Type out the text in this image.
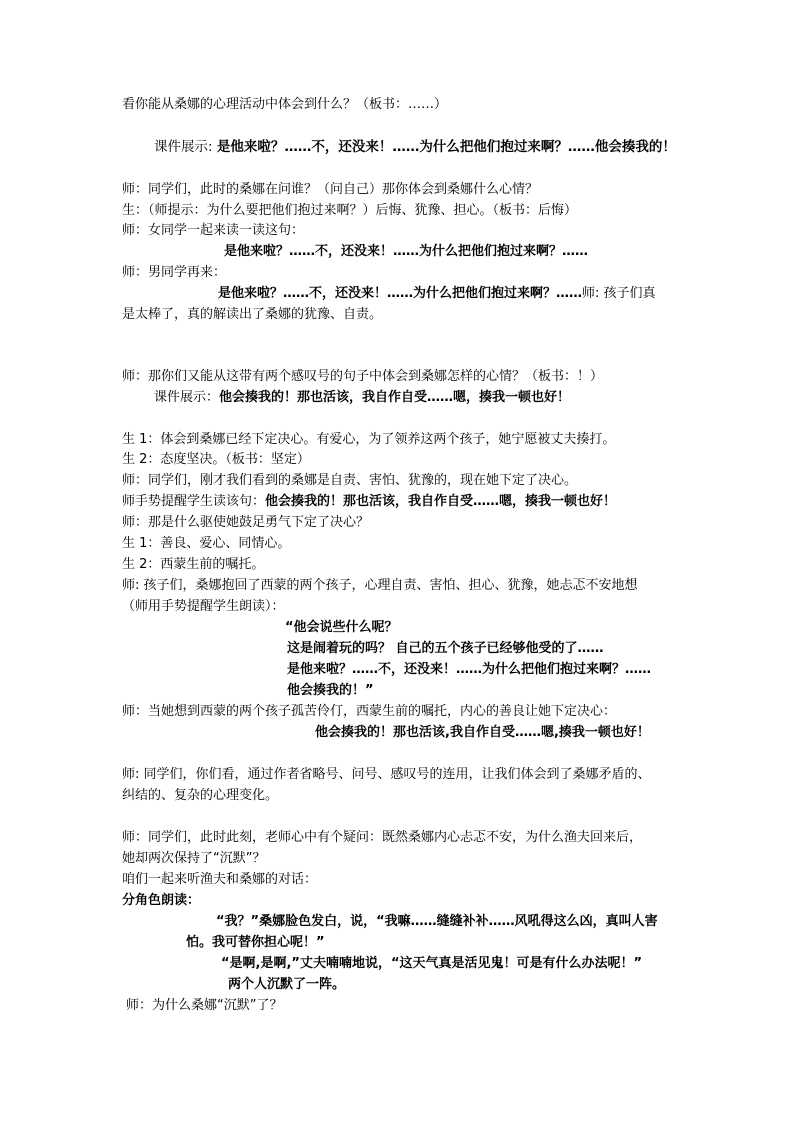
看你能从桑娜的心理活动中体会到什么？（板书：……）
课件展示: 是他来啦？……不，还没来！……为什么把他们抱过来啊？……他会揍我的！
师：同学们，此时的桑娜在问谁？（问自己）那你体会到桑娜什么心情？
生：（师提示：为什么要把他们抱过来啊？）后悔、犹豫、担心。（板书：后悔）
师：女同学一起来读一读这句：
是他来啦？……不，还没来！……为什么把他们抱过来啊？……
师：男同学再来：
是他来啦？……不，还没来！……为什么把他们抱过来啊？……师: 孩子们真
是太棒了，真的解读出了桑娜的犹豫、自责。
师：那你们又能从这带有两个感叹号的句子中体会到桑娜怎样的心情？（板书：！）
课件展示：他会揍我的！那也活该，我自作自受……嗯，揍我一顿也好！
生 1：体会到桑娜已经下定决心。有爱心，为了领养这两个孩子，她宁愿被丈夫揍打。
生 2：态度坚决。（板书：坚定）
师：同学们，刚才我们看到的桑娜是自责、害怕、犹豫的，现在她下定了决心。
师手势提醒学生读该句：他会揍我的！那也活该，我自作自受……嗯，揍我一顿也好！
师：那是什么驱使她鼓足勇气下定了决心？
生 1：善良、爱心、同情心。
生 2：西蒙生前的嘱托。
师: 孩子们，桑娜抱回了西蒙的两个孩子，心理自责、害怕、担心、犹豫，她忐忑不安地想
（师用手势提醒学生朗读）：
“他会说些什么呢？
这是闹着玩的吗？ 自己的五个孩子已经够他受的了……
是他来啦？……不，还没来！……为什么把他们抱过来啊？……
他会揍我的！”
师：当她想到西蒙的两个孩子孤苦伶仃，西蒙生前的嘱托，内心的善良让她下定决心：
他会揍我的！那也活该,我自作自受……嗯,揍我一顿也好！
师: 同学们，你们看，通过作者省略号、问号、感叹号的连用，让我们体会到了桑娜矛盾的、
纠结的、复杂的心理变化。
师：同学们，此时此刻，老师心中有个疑问：既然桑娜内心忐忑不安，为什么渔夫回来后，
她却两次保持了“沉默”？
咱们一起来听渔夫和桑娜的对话：
分角色朗读：
“我？”桑娜脸色发白，说，“我嘛……缝缝补补……风吼得这么凶，真叫人害
怕。我可替你担心呢！”
“是啊,是啊,”丈夫喃喃地说，“这天气真是活见鬼！可是有什么办法呢！”
两个人沉默了一阵。
师：为什么桑娜“沉默”了？
